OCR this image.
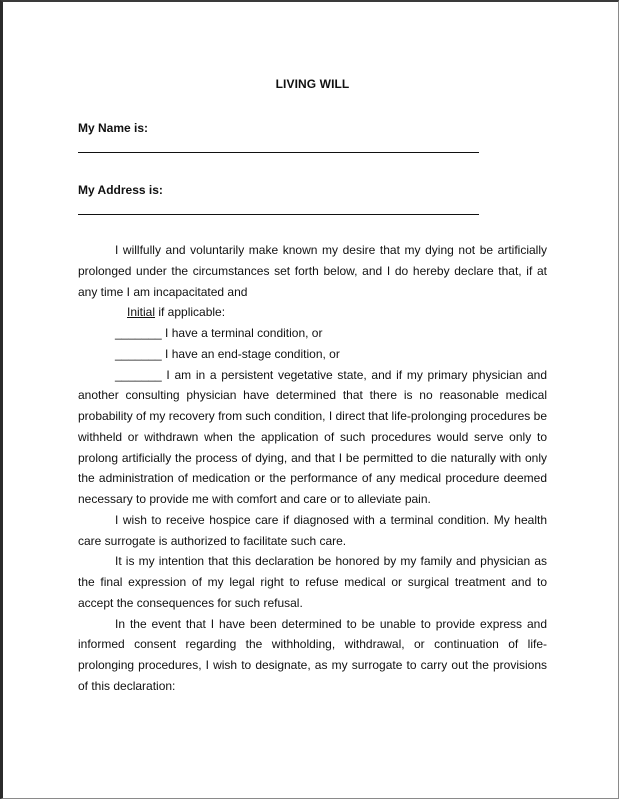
LIVING WILL
My Name is:
My Address is:

I willfully and voluntarily make known my desire that my dying not be artificially prolonged under the circumstances set forth below, and I do hereby declare that, if at any time I am incapacitated and

Initial if applicable:

_______ I have a terminal condition, or

_______ I have an end-stage condition, or

_______ I am in a persistent vegetative state, and if my primary physician and another consulting physician have determined that there is no reasonable medical probability of my recovery from such condition, I direct that life-prolonging procedures be withheld or withdrawn when the application of such procedures would serve only to prolong artificially the process of dying, and that I be permitted to die naturally with only the administration of medication or the performance of any medical procedure deemed necessary to provide me with comfort and care or to alleviate pain.

I wish to receive hospice care if diagnosed with a terminal condition. My health care surrogate is authorized to facilitate such care.

It is my intention that this declaration be honored by my family and physician as the final expression of my legal right to refuse medical or surgical treatment and to accept the consequences for such refusal.

In the event that I have been determined to be unable to provide express and informed consent regarding the withholding, withdrawal, or continuation of life-prolonging procedures, I wish to designate, as my surrogate to carry out the provisions of this declaration:
